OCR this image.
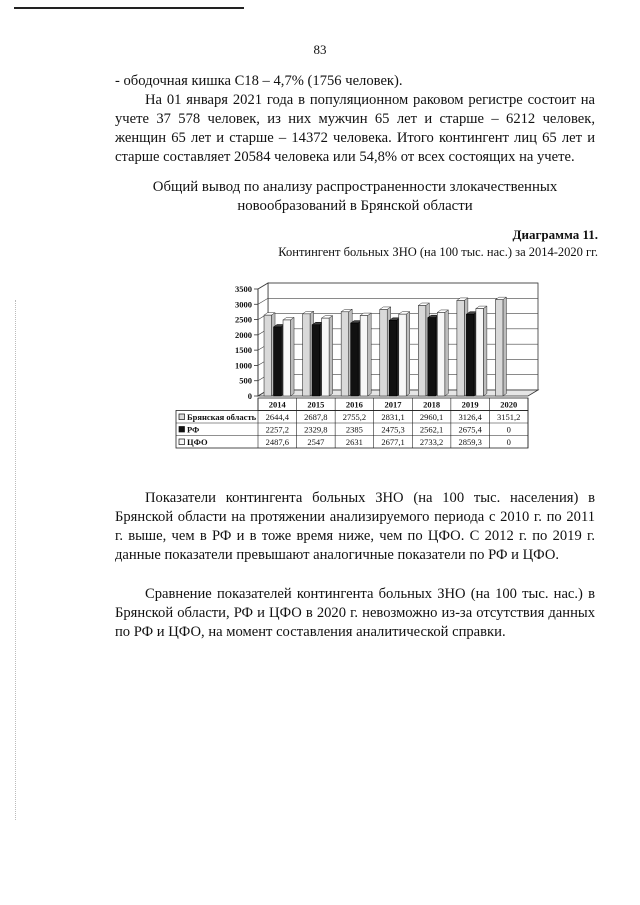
83

- ободочная кишка С18 – 4,7% (1756 человек).

На 01 января 2021 года в популяционном раковом регистре состоит на учете 37 578 человек, из них мужчин 65 лет и старше – 6212 человек, женщин 65 лет и старше – 14372 человека. Итого контингент лиц 65 лет и старше составляет 20584 человека или 54,8% от всех состоящих на учете.

Общий вывод по анализу распространенности злокачественных новообразований в Брянской области

Диаграмма 11.
Контингент больных ЗНО (на 100 тыс. нас.) за 2014-2020 гг.
0
500
1000
1500
2000
2500
3000
3500
2014	2015	2016	2017	2018	2019	2020
Брянская область 2644,4 2687,8 2755,2 2831,1 2960,1 3126,4 3151,2
РФ	2257,2 2329,8 2385 2475,3 2562,1 2675,4	0
ЦФО	2487,6 2547	2631 2677,1 2733,2 2859,3	0

Показатели контингента больных ЗНО (на 100 тыс. населения) в Брянской области на протяжении анализируемого периода с 2010 г. по 2011 г. выше, чем в РФ и в тоже время ниже, чем по ЦФО. С 2012 г. по 2019 г. данные показатели превышают аналогичные показатели по РФ и ЦФО.

Сравнение показателей контингента больных ЗНО (на 100 тыс. нас.) в Брянской области, РФ и ЦФО в 2020 г. невозможно из-за отсутствия данных по РФ и ЦФО, на момент составления аналитической справки.
